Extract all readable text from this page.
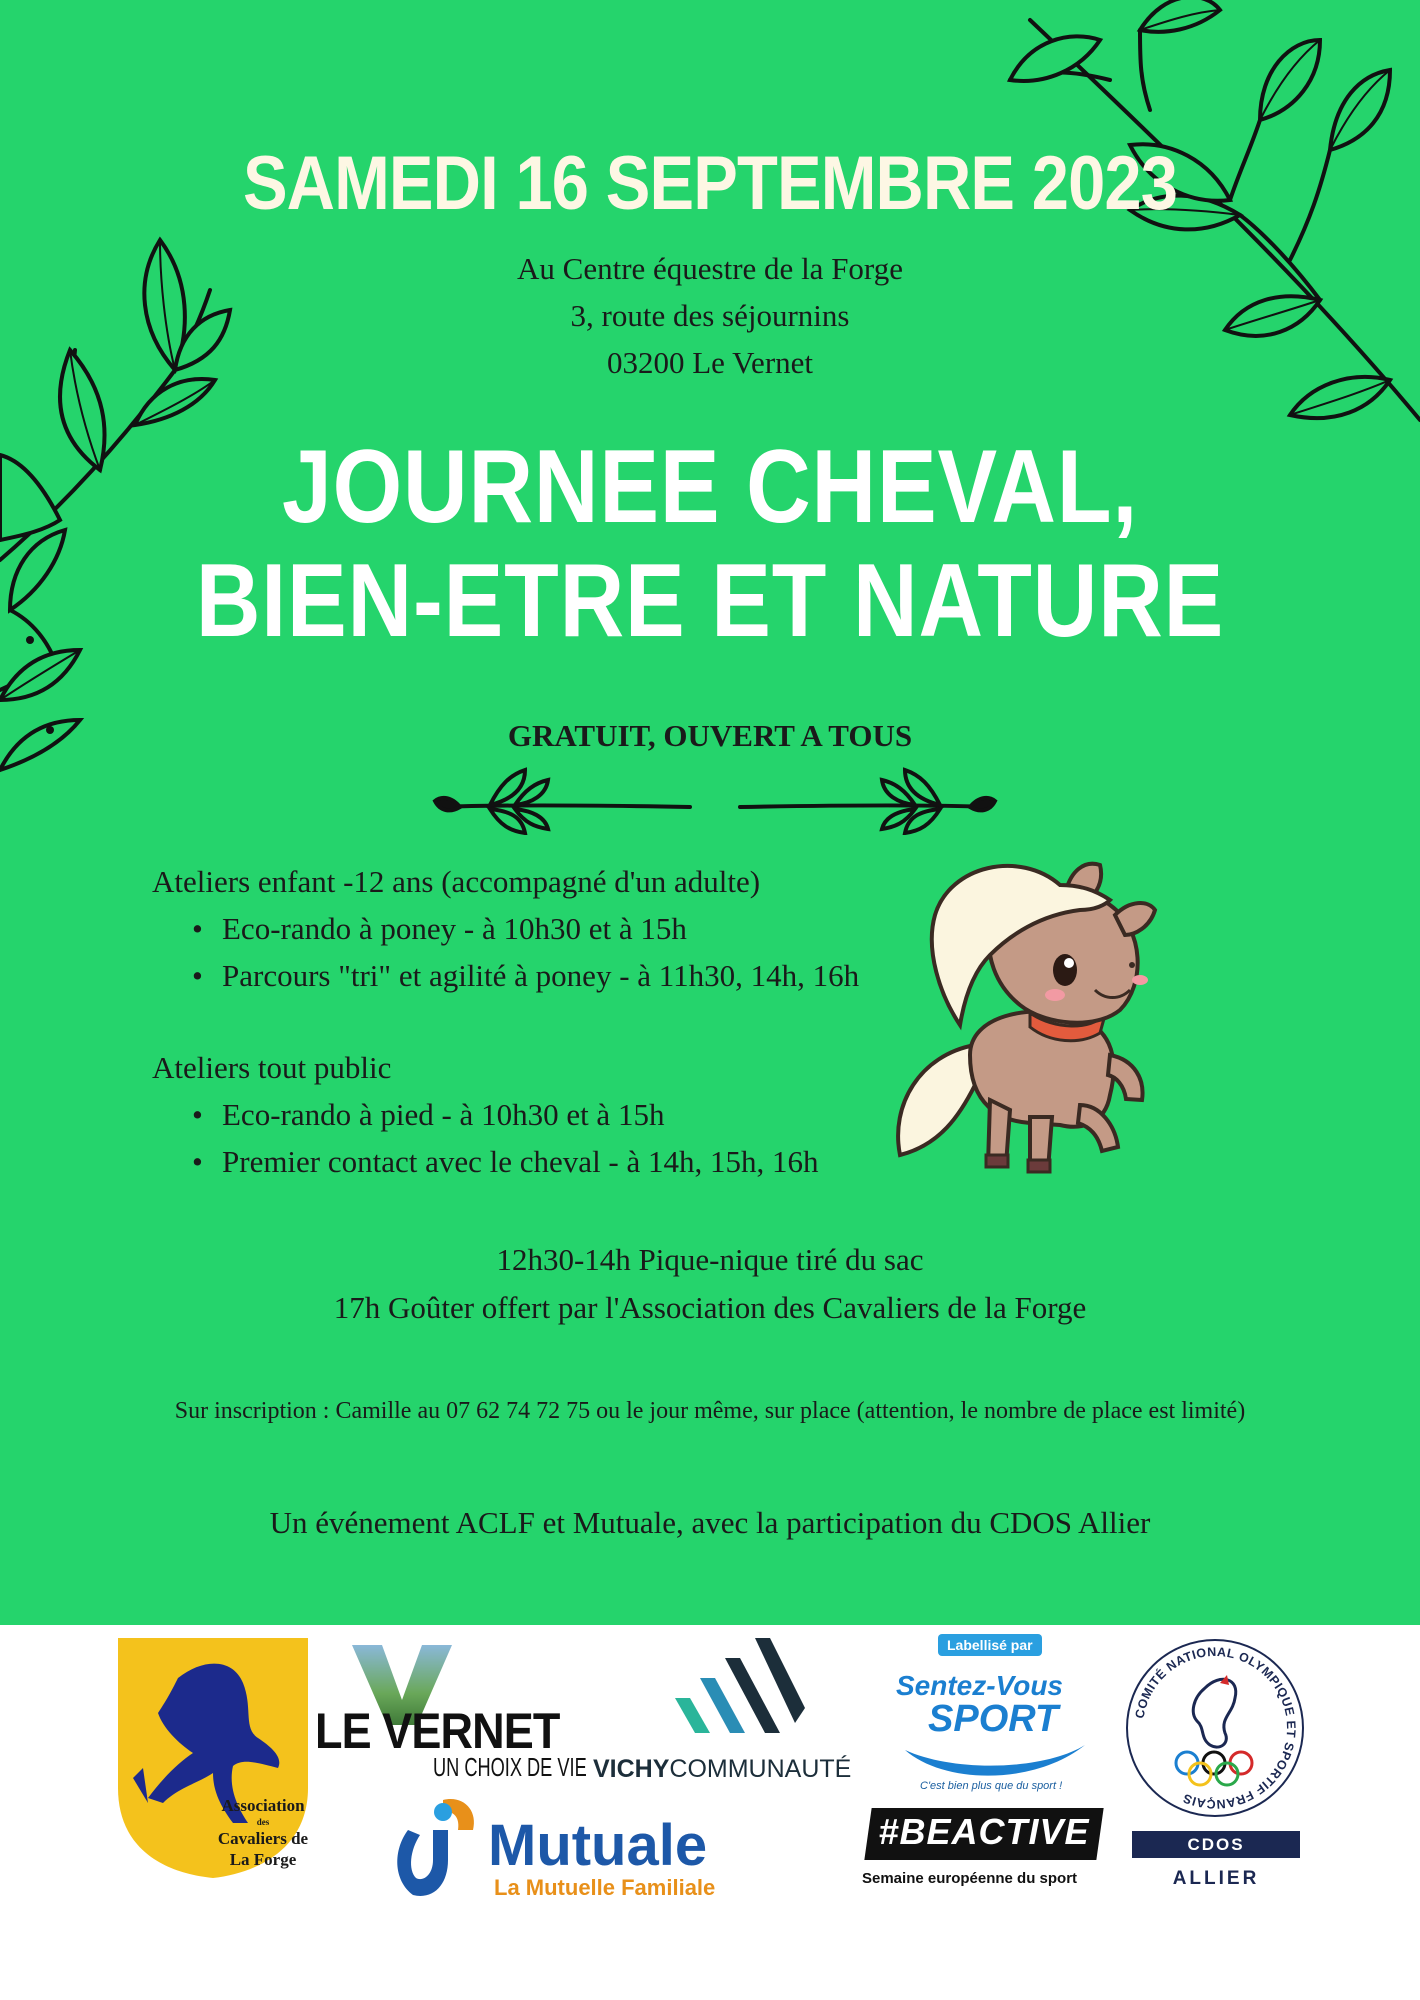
SAMEDI 16 SEPTEMBRE 2023
Au Centre équestre de la Forge
3, route des séjournins
03200 Le Vernet
JOURNEE CHEVAL,
BIEN-ETRE ET NATURE
GRATUIT, OUVERT A TOUS
Ateliers enfant -12 ans (accompagné d'un adulte)
• Eco-rando à poney - à 10h30 et à 15h
• Parcours "tri" et agilité à poney - à 11h30, 14h, 16h
Ateliers tout public
• Eco-rando à pied - à 10h30 et à 15h
• Premier contact avec le cheval - à 14h, 15h, 16h
12h30-14h Pique-nique tiré du sac
17h Goûter offert par l'Association des Cavaliers de la Forge
Sur inscription : Camille au 07 62 74 72 75 ou le jour même, sur place (attention, le nombre de place est limité)
Un événement ACLF et Mutuale, avec la participation du CDOS Allier
Association
des
Cavaliers de
La Forge
LE VERNET
UN CHOIX DE VIE VICHYCOMMUNAUTÉ
Mutuale
La Mutuelle Familiale
Labellisé par
Sentez-Vous
SPORT
C'est bien plus que du sport !
#BEACTIVE
Semaine européenne du sport
COMITÉ NATIONAL OLYMPIQUE ET SPORTIF FRANÇAIS
CDOS
ALLIER
